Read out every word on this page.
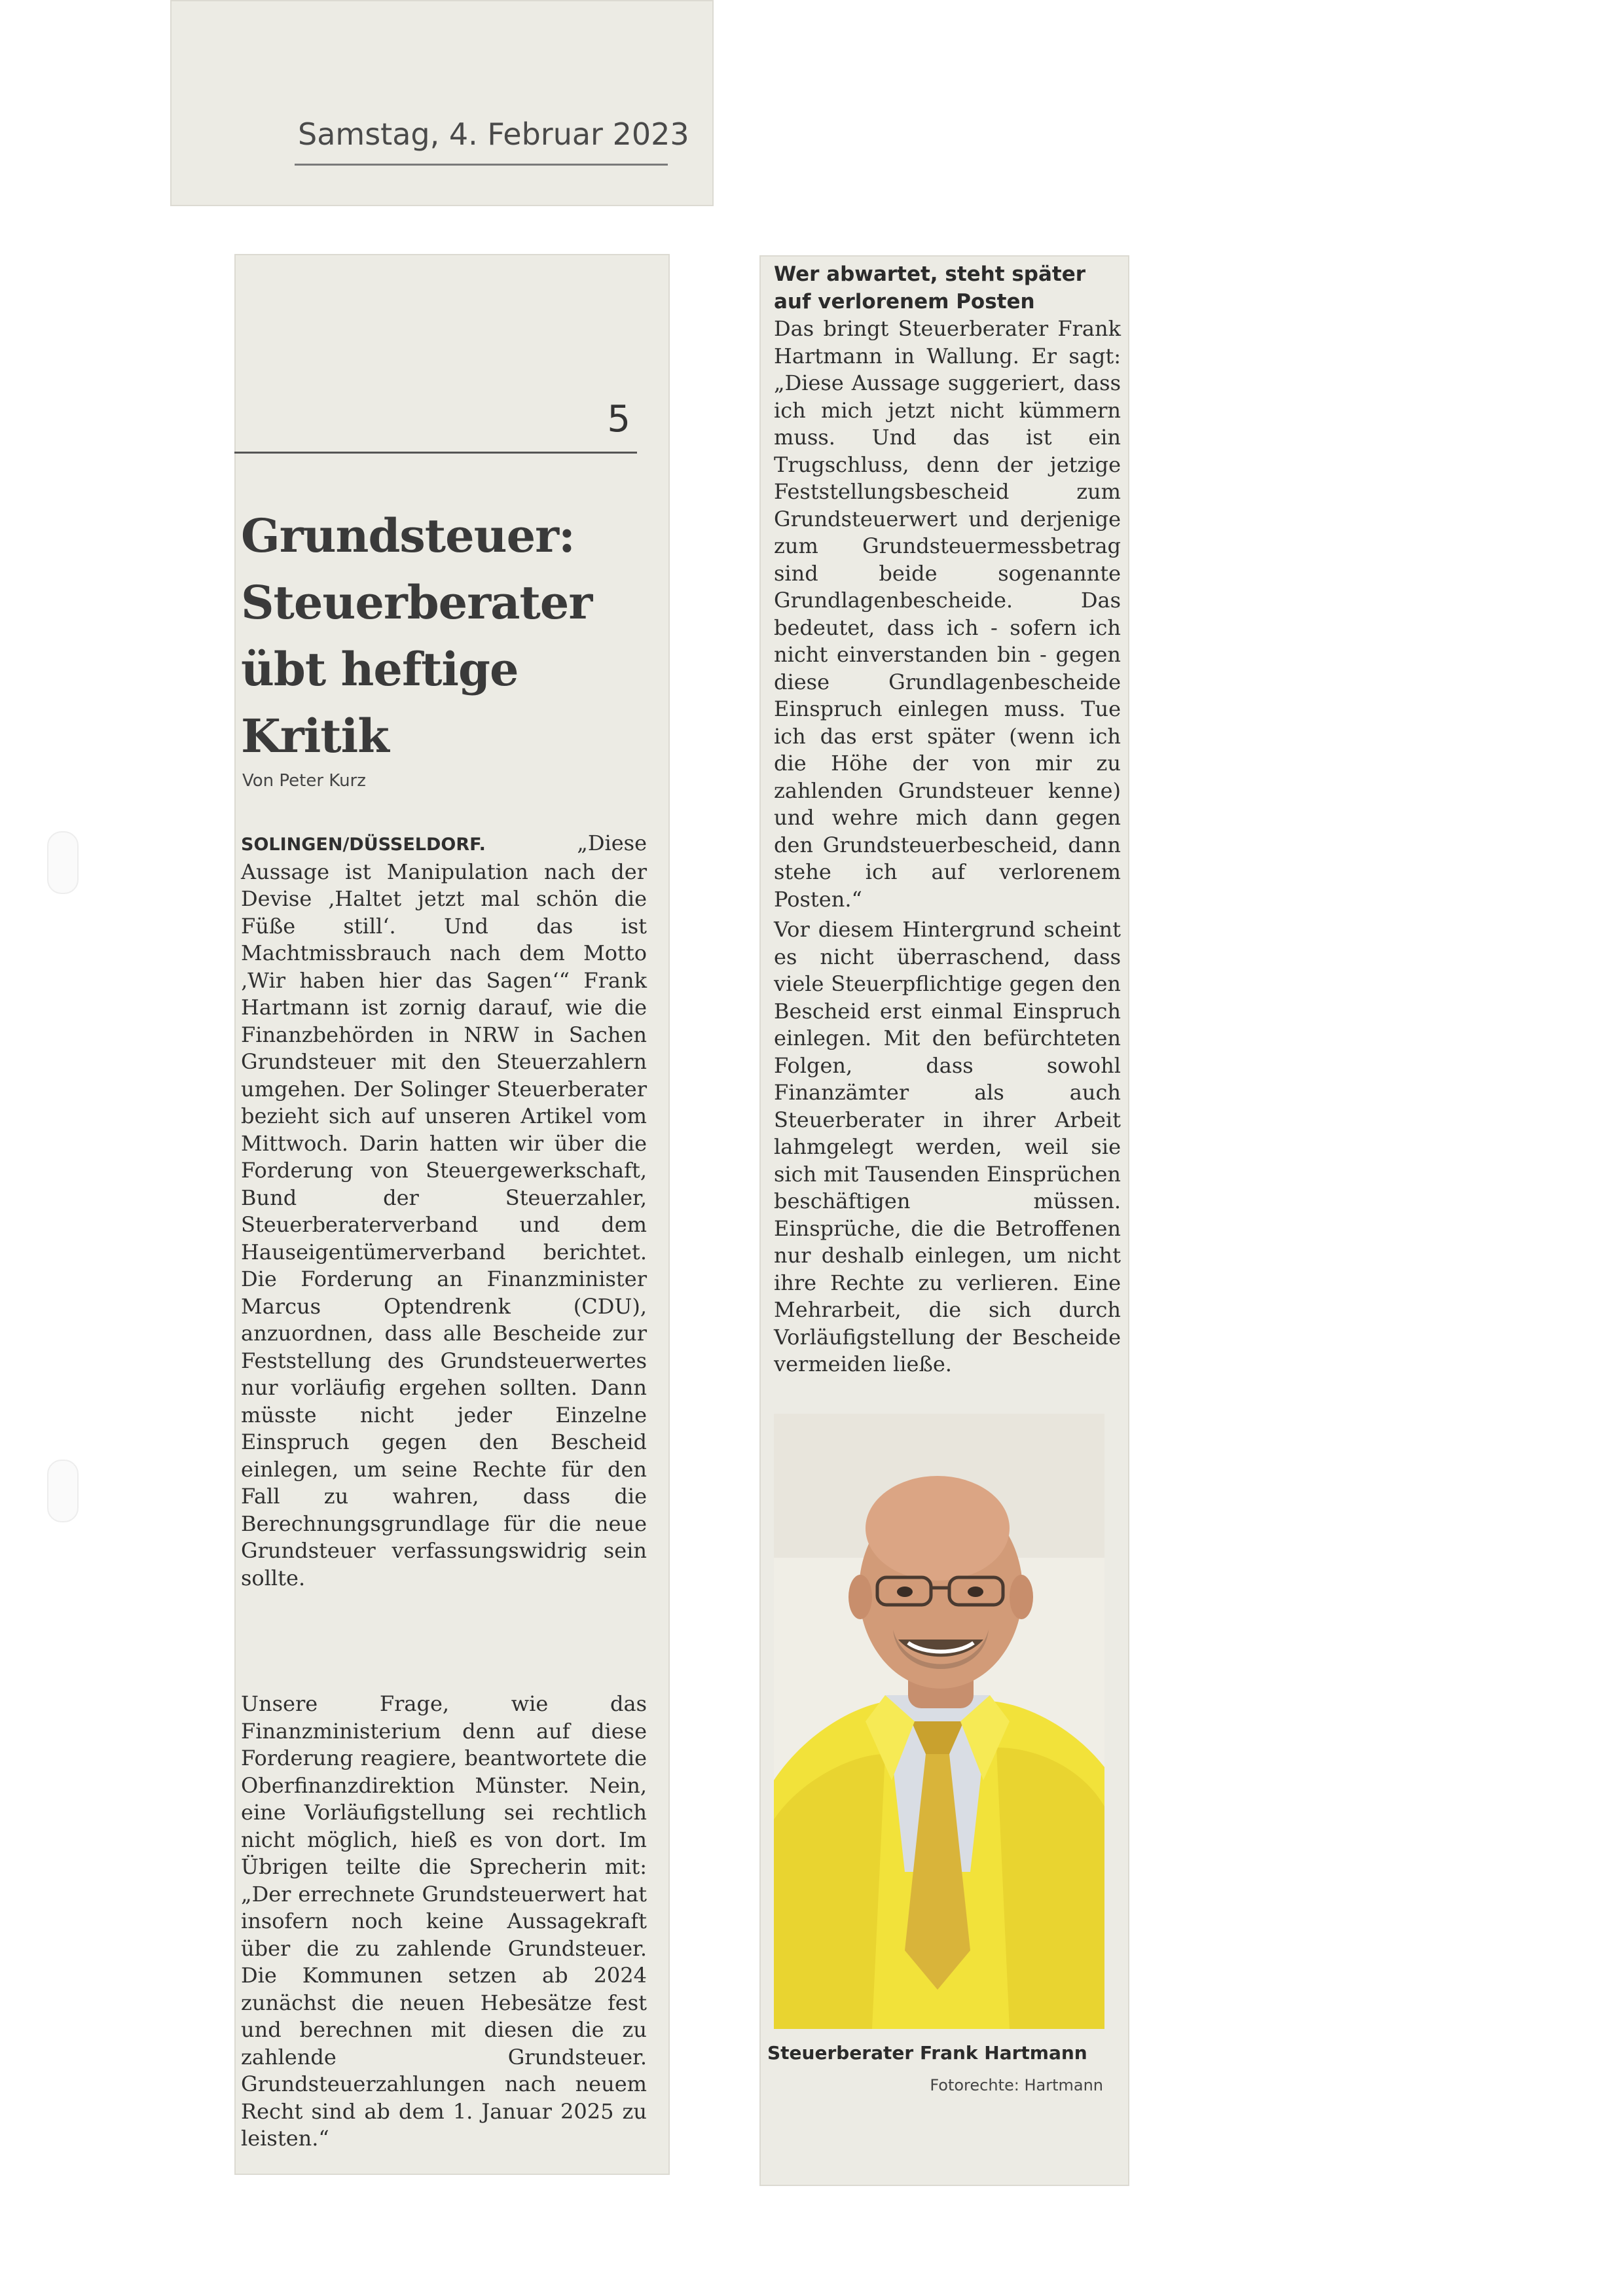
Samstag, 4. Februar 2023
5
Grundsteuer: Steuerberater übt heftige Kritik
Von Peter Kurz

SOLINGEN/DÜSSELDORF.	„Diese Aussage ist Manipulation nach der Devise ‚Haltet jetzt mal schön die Füße still‘. Und das ist Machtmissbrauch nach dem Motto ‚Wir haben hier das Sagen‘“ Frank Hartmann ist zornig darauf, wie die Finanzbehörden in NRW in Sachen Grundsteuer mit den Steuerzahlern umgehen. Der Solinger Steuerberater bezieht sich auf unseren Artikel vom Mittwoch. Darin hatten wir über die Forderung von Steuergewerkschaft, Bund der Steuerzahler, Steuerberaterverband und dem Hauseigentümerverband berichtet. Die Forderung an Finanzminister Marcus Optendrenk (CDU), anzuordnen, dass alle Bescheide zur Feststellung des Grundsteuerwertes nur vorläufig ergehen sollten. Dann müsste nicht jeder Einzelne Einspruch gegen den Bescheid einlegen, um seine Rechte für den Fall zu wahren, dass die Berechnungsgrundlage für die neue Grundsteuer verfassungswidrig sein sollte.

Unsere Frage, wie das Finanzministerium denn auf diese Forderung reagiere, beantwortete die Oberfinanzdirektion Münster. Nein, eine Vorläufigstellung sei rechtlich nicht möglich, hieß es von dort. Im Übrigen teilte die Sprecherin mit: „Der errechnete Grundsteuerwert hat insofern noch keine Aussagekraft über die zu zahlende Grundsteuer. Die Kommunen setzen ab 2024 zunächst die neuen Hebesätze fest und berechnen mit diesen die zu zahlende Grundsteuer. Grundsteuerzahlungen nach neuem Recht sind ab dem 1. Januar 2025 zu leisten.“

Wer abwartet, steht später auf verlorenem Posten

Das bringt Steuerberater Frank Hartmann in Wallung. Er sagt: „Diese Aussage suggeriert, dass ich mich jetzt nicht kümmern muss. Und das ist ein Trugschluss, denn der jetzige Feststellungsbescheid zum Grundsteuerwert und derjenige zum Grundsteuermessbetrag sind beide sogenannte Grundlagenbescheide. Das bedeutet, dass ich - sofern ich nicht einverstanden bin - gegen diese Grundlagenbescheide Einspruch einlegen muss. Tue ich das erst später (wenn ich die Höhe der von mir zu zahlenden Grundsteuer kenne) und wehre mich dann gegen den Grundsteuerbescheid, dann stehe ich auf verlorenem Posten.“

Vor diesem Hintergrund scheint es nicht überraschend, dass viele Steuerpflichtige gegen den Bescheid erst einmal Einspruch einlegen. Mit den befürchteten Folgen, dass sowohl Finanzämter als auch Steuerberater in ihrer Arbeit lahmgelegt werden, weil sie sich mit Tausenden Einsprüchen beschäftigen müssen. Einsprüche, die die Betroffenen nur deshalb einlegen, um nicht ihre Rechte zu verlieren. Eine Mehrarbeit, die sich durch Vorläufigstellung der Bescheide vermeiden ließe.

Steuerberater Frank Hartmann
Fotorechte: Hartmann
